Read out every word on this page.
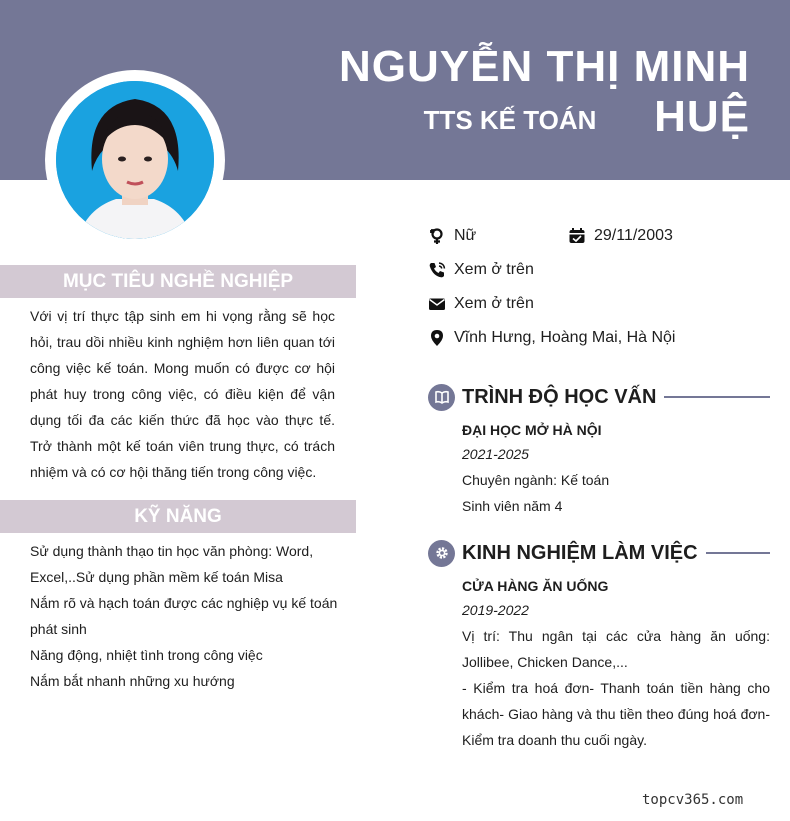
NGUYỄN THỊ MINH HUỆ
TTS KẾ TOÁN
MỤC TIÊU NGHỀ NGHIỆP

Với vị trí thực tập sinh em hi vọng rằng sẽ học hỏi, trau dồi nhiều kinh nghiệm hơn liên quan tới công việc kế toán. Mong muốn có được cơ hội phát huy trong công việc, có điều kiện để vận dụng tối đa các kiến thức đã học vào thực tế. Trở thành một kế toán viên trung thực, có trách nhiệm và có cơ hội thăng tiến trong công việc.

KỸ NĂNG
Sử dụng thành thạo tin học văn phòng: Word,
Excel,..Sử dụng phần mềm kế toán Misa
Nắm rõ và hạch toán được các nghiệp vụ kế toán
phát sinh
Năng động, nhiệt tình trong công việc
Nắm bắt nhanh những xu hướng
Nữ	29/11/2003
Xem ở trên
Xem ở trên
Vĩnh Hưng, Hoàng Mai, Hà Nội
TRÌNH ĐỘ HỌC VẤN
ĐẠI HỌC MỞ HÀ NỘI
2021-2025
Chuyên ngành: Kế toán
Sinh viên năm 4
KINH NGHIỆM LÀM VIỆC
CỬA HÀNG ĂN UỐNG
2019-2022
Vị trí: Thu ngân tại các cửa hàng ăn uống: Jollibee, Chicken Dance,...
- Kiểm tra hoá đơn- Thanh toán tiền hàng cho khách- Giao hàng và thu tiền theo đúng hoá đơn- Kiểm tra doanh thu cuối ngày.
topcv365.com
